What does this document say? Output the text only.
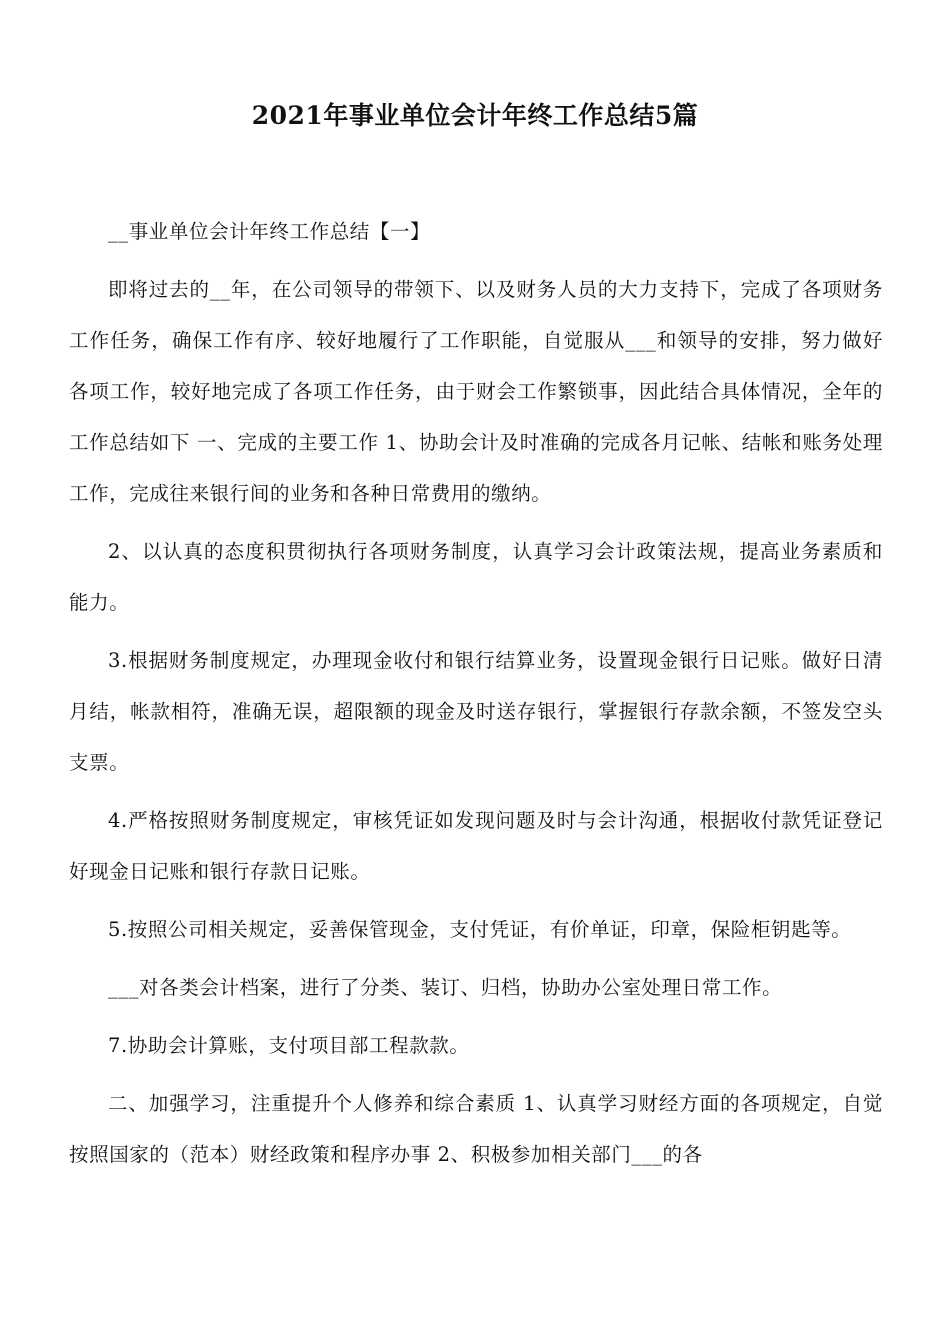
2021年事业单位会计年终工作总结5篇

__事业单位会计年终工作总结【一】

即将过去的__年，在公司领导的带领下、以及财务人员的大力支持下，完成了各项财务工作任务，确保工作有序、较好地履行了工作职能，自觉服从___和领导的安排，努力做好各项工作，较好地完成了各项工作任务，由于财会工作繁锁事，因此结合具体情况，全年的工作总结如下 一、完成的主要工作 1、协助会计及时准确的完成各月记帐、结帐和账务处理工作，完成往来银行间的业务和各种日常费用的缴纳。

2、以认真的态度积贯彻执行各项财务制度，认真学习会计政策法规，提高业务素质和能力。

3.根据财务制度规定，办理现金收付和银行结算业务，设置现金银行日记账。做好日清月结，帐款相符，准确无误，超限额的现金及时送存银行，掌握银行存款余额，不签发空头支票。

4.严格按照财务制度规定，审核凭证如发现问题及时与会计沟通，根据收付款凭证登记好现金日记账和银行存款日记账。

5.按照公司相关规定，妥善保管现金，支付凭证，有价单证，印章，保险柜钥匙等。

___对各类会计档案，进行了分类、装订、归档，协助办公室处理日常工作。

7.协助会计算账，支付项目部工程款款。

二、加强学习，注重提升个人修养和综合素质 1、认真学习财经方面的各项规定，自觉按照国家的（范本）财经政策和程序办事 2、积极参加相关部门___的各
